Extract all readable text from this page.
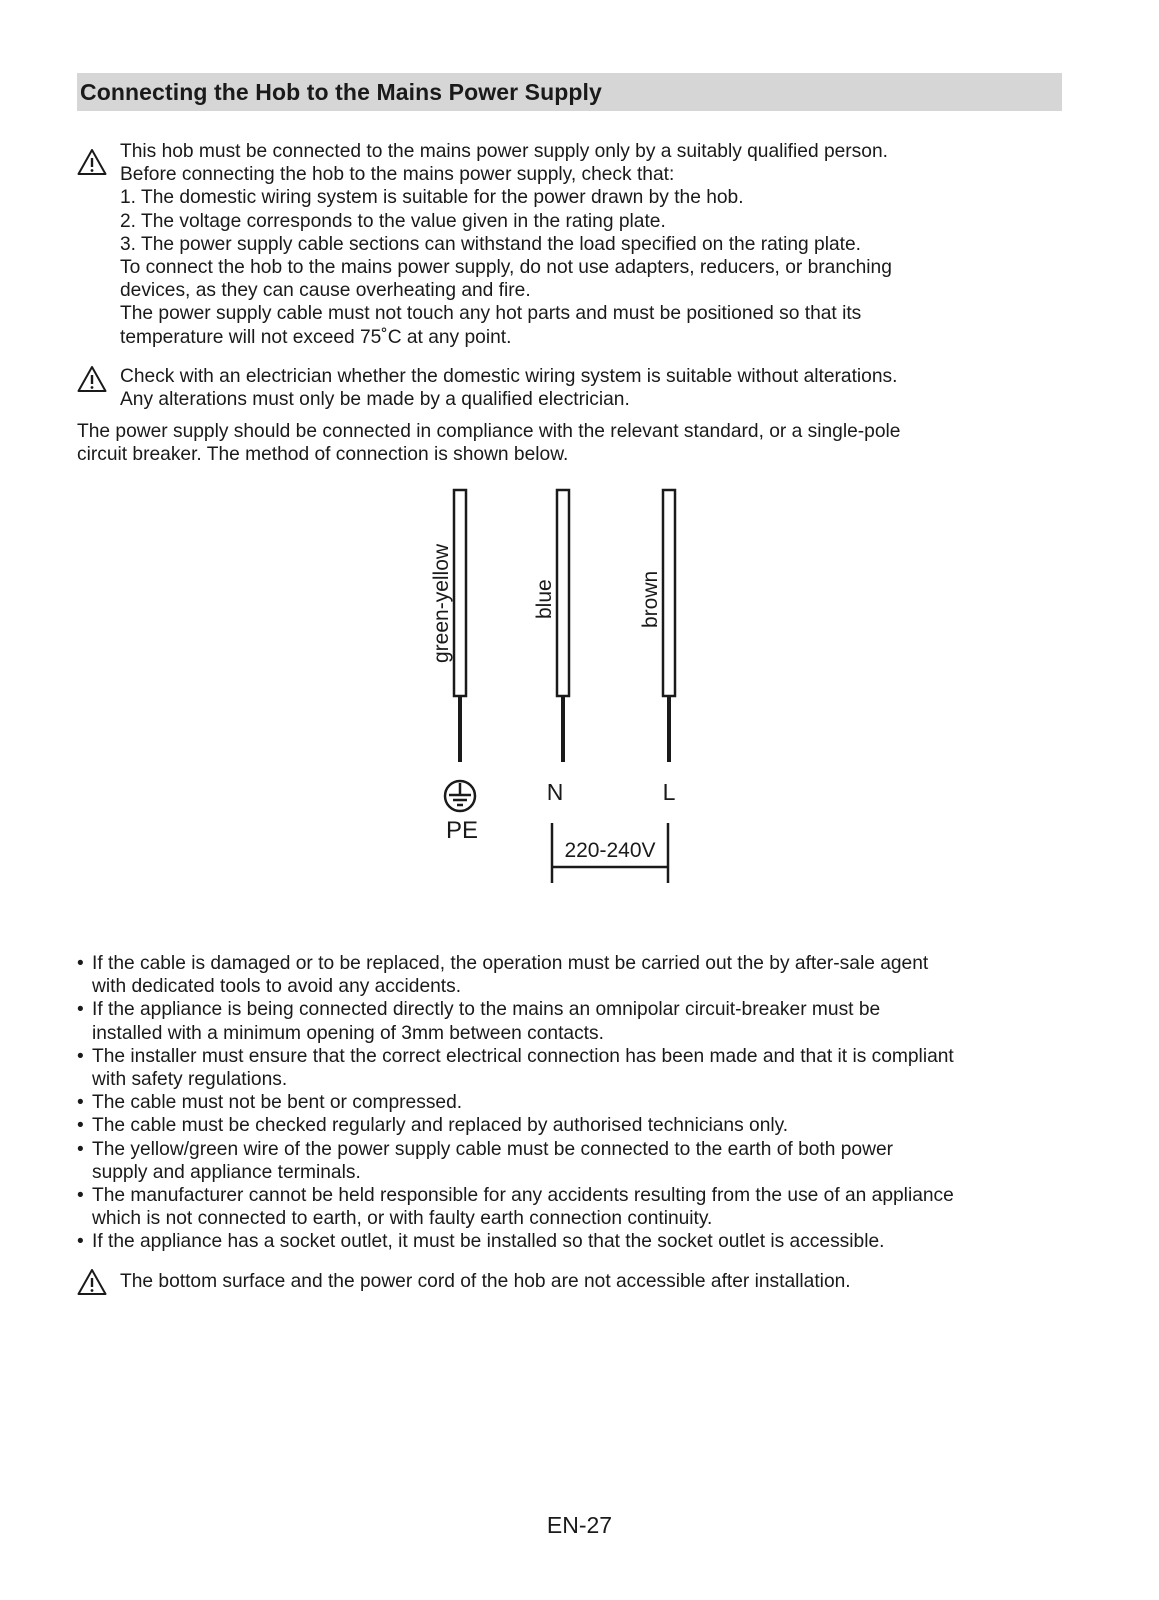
Connecting the Hob to the Mains Power Supply
This hob must be connected to the mains power supply only by a suitably qualified person.
Before connecting the hob to the mains power supply, check that:
1. The domestic wiring system is suitable for the power drawn by the hob.
2. The voltage corresponds to the value given in the rating plate.
3. The power supply cable sections can withstand the load specified on the rating plate.
To connect the hob to the mains power supply, do not use adapters, reducers, or branching
devices, as they can cause overheating and fire.
The power supply cable must not touch any hot parts and must be positioned so that its
temperature will not exceed 75˚C at any point.
Check with an electrician whether the domestic wiring system is suitable without alterations.
Any alterations must only be made by a qualified electrician.
The power supply should be connected in compliance with the relevant standard, or a single-pole
circuit breaker. The method of connection is shown below.
green-yellow	blue	brown
PE
N	L
220-240V
• If the cable is damaged or to be replaced, the operation must be carried out the by after-sale agent
with dedicated tools to avoid any accidents.
• If the appliance is being connected directly to the mains an omnipolar circuit-breaker must be
installed with a minimum opening of 3mm between contacts.
• The installer must ensure that the correct electrical connection has been made and that it is compliant
with safety regulations.
• The cable must not be bent or compressed.
• The cable must be checked regularly and replaced by authorised technicians only.
• The yellow/green wire of the power supply cable must be connected to the earth of both power
supply and appliance terminals.
• The manufacturer cannot be held responsible for any accidents resulting from the use of an appliance
which is not connected to earth, or with faulty earth connection continuity.
• If the appliance has a socket outlet, it must be installed so that the socket outlet is accessible.
The bottom surface and the power cord of the hob are not accessible after installation.
EN-27
